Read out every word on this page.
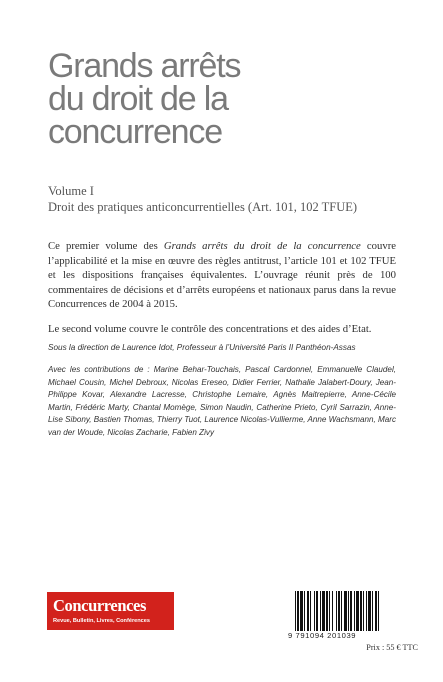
Grands arrêts
du droit de la
concurrence
Volume I
Droit des pratiques anticoncurrentielles (Art. 101, 102 TFUE)

Ce premier volume des Grands arrêts du droit de la concurrence couvre l’applicabilité et la mise en œuvre des règles antitrust, l’article 101 et 102 TFUE et les dispositions françaises équivalentes. L’ouvrage réunit près de 100 commentaires de décisions et d’arrêts européens et nationaux parus dans la revue Concurrences de 2004 à 2015.

Le second volume couvre le contrôle des concentrations et des aides d’Etat.

Sous la direction de Laurence Idot, Professeur à l’Université Paris II Panthéon-Assas
Avec les contributions de : Marine Behar-Touchais, Pascal Cardonnel, Emmanuelle Claudel, Michael Cousin, Michel Debroux, Nicolas Ereseo, Didier Ferrier, Nathalie Jalabert-Doury, Jean-Philippe Kovar, Alexandre Lacresse, Christophe Lemaire, Agnès Maitrepierre, Anne-Cécile Martin, Frédéric Marty, Chantal Momège, Simon Naudin, Catherine Prieto, Cyril Sarrazin, Anne-Lise Sibony, Bastien Thomas, Thierry Tuot, Laurence Nicolas-Vullierme, Anne Wachsmann, Marc van der Woude, Nicolas Zacharie, Fabien Zivy
Concurrences
Revue, Bulletin, Livres, Conférences
9 791094 201039
Prix : 55 € TTC
